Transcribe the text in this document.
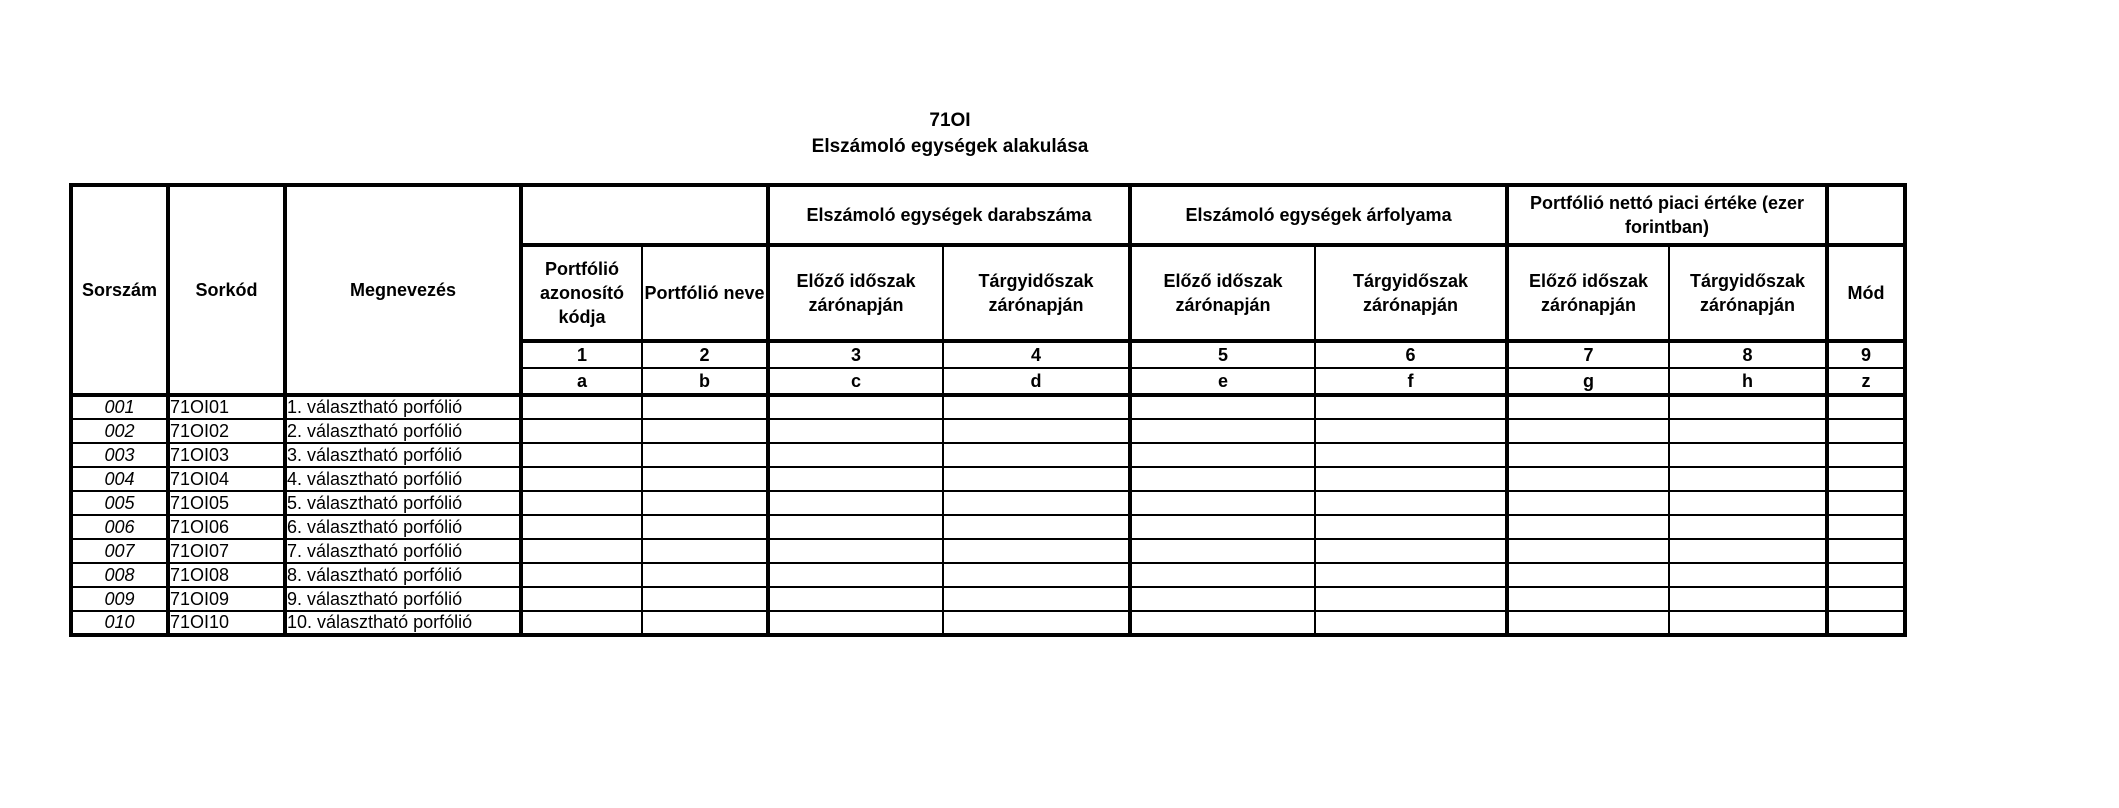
71OI
Elszámoló egységek alakulása
Sorszám	Sorkód	Megnevezés			Elszámoló egységek darabszáma		Elszámoló egységek árfolyama		Portfólió nettó piaci értéke (ezer forintban)		
			Portfólió azonosító kódja	Portfólió neve	Előző időszak zárónapján	Tárgyidőszak zárónapján	Előző időszak zárónapján	Tárgyidőszak zárónapján	Előző időszak zárónapján	Tárgyidőszak zárónapján	Mód
			1	2	3	4	5	6	7	8	9
			a	b	c	d	e	f	g	h	z
001	71OI01	1. választható porfólió									
002	71OI02	2. választható porfólió									
003	71OI03	3. választható porfólió									
004	71OI04	4. választható porfólió									
005	71OI05	5. választható porfólió									
006	71OI06	6. választható porfólió									
007	71OI07	7. választható porfólió									
008	71OI08	8. választható porfólió									
009	71OI09	9. választható porfólió									
010	71OI10	10. választható porfólió									
